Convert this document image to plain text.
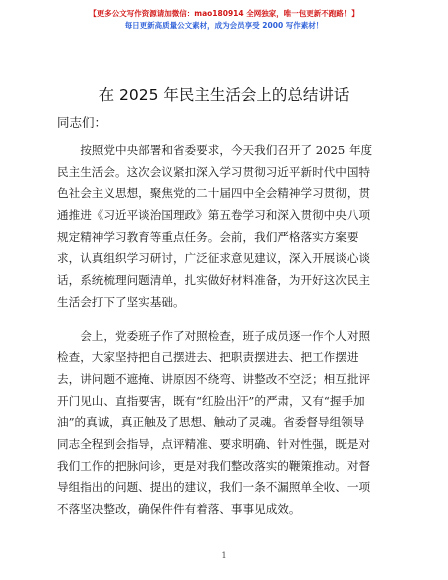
【更多公文写作资源请加微信：mao180914 全网独家，唯一包更新不跑路！】
每日更新高质量公文素材，成为会员享受 2000 写作素材！
在 2025 年民主生活会上的总结讲话
同志们：
按照党中央部署和省委要求，今天我们召开了 2025 年度
民主生活会。这次会议紧扣深入学习贯彻习近平新时代中国特
色社会主义思想，聚焦党的二十届四中全会精神学习贯彻，贯
通推进《习近平谈治国理政》第五卷学习和深入贯彻中央八项
规定精神学习教育等重点任务。会前，我们严格落实方案要
求，认真组织学习研讨，广泛征求意见建议，深入开展谈心谈
话，系统梳理问题清单，扎实做好材料准备，为开好这次民主
生活会打下了坚实基础。
会上，党委班子作了对照检查，班子成员逐一作个人对照
检查，大家坚持把自己摆进去、把职责摆进去、把工作摆进
去，讲问题不遮掩、讲原因不绕弯、讲整改不空泛；相互批评
开门见山、直指要害，既有“红脸出汗”的严肃，又有“握手加
油”的真诚，真正触及了思想、触动了灵魂。省委督导组领导
同志全程到会指导，点评精准、要求明确、针对性强，既是对
我们工作的把脉问诊，更是对我们整改落实的鞭策推动。对督
导组指出的问题、提出的建议，我们一条不漏照单全收、一项
不落坚决整改，确保件件有着落、事事见成效。
1
